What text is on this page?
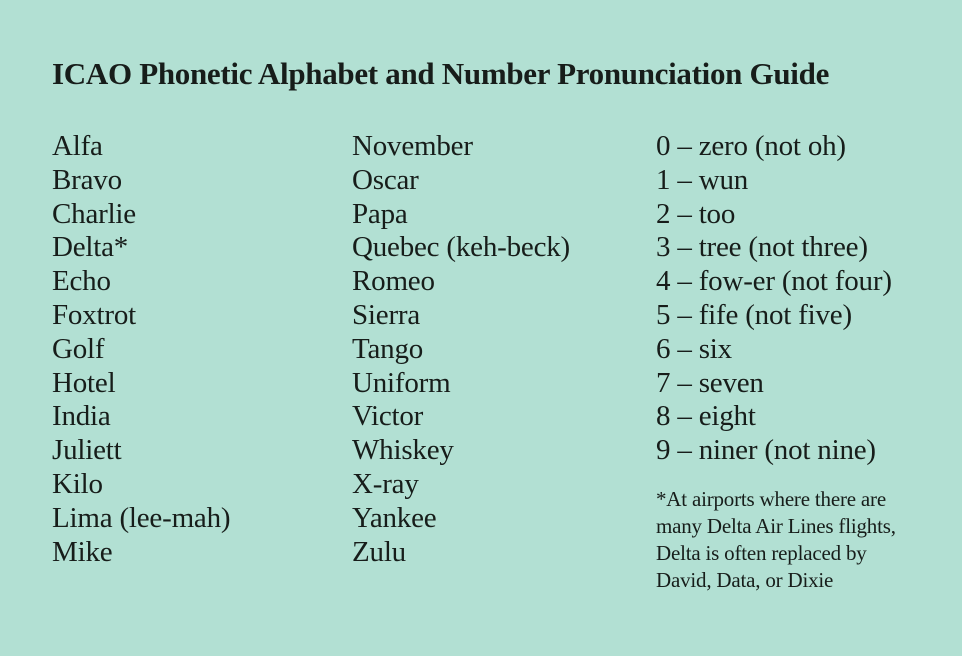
ICAO Phonetic Alphabet and Number Pronunciation Guide
Alfa
Bravo
Charlie
Delta*
Echo
Foxtrot
Golf
Hotel
India
Juliett
Kilo
Lima (lee-mah)
Mike
November
Oscar
Papa
Quebec (keh-beck)
Romeo
Sierra
Tango
Uniform
Victor
Whiskey
X-ray
Yankee
Zulu
0 – zero (not oh)
1 – wun
2 – too
3 – tree (not three)
4 – fow-er (not four)
5 – fife (not five)
6 – six
7 – seven
8 – eight
9 – niner (not nine)
*At airports where there are
many Delta Air Lines flights,
Delta is often replaced by
David, Data, or Dixie
